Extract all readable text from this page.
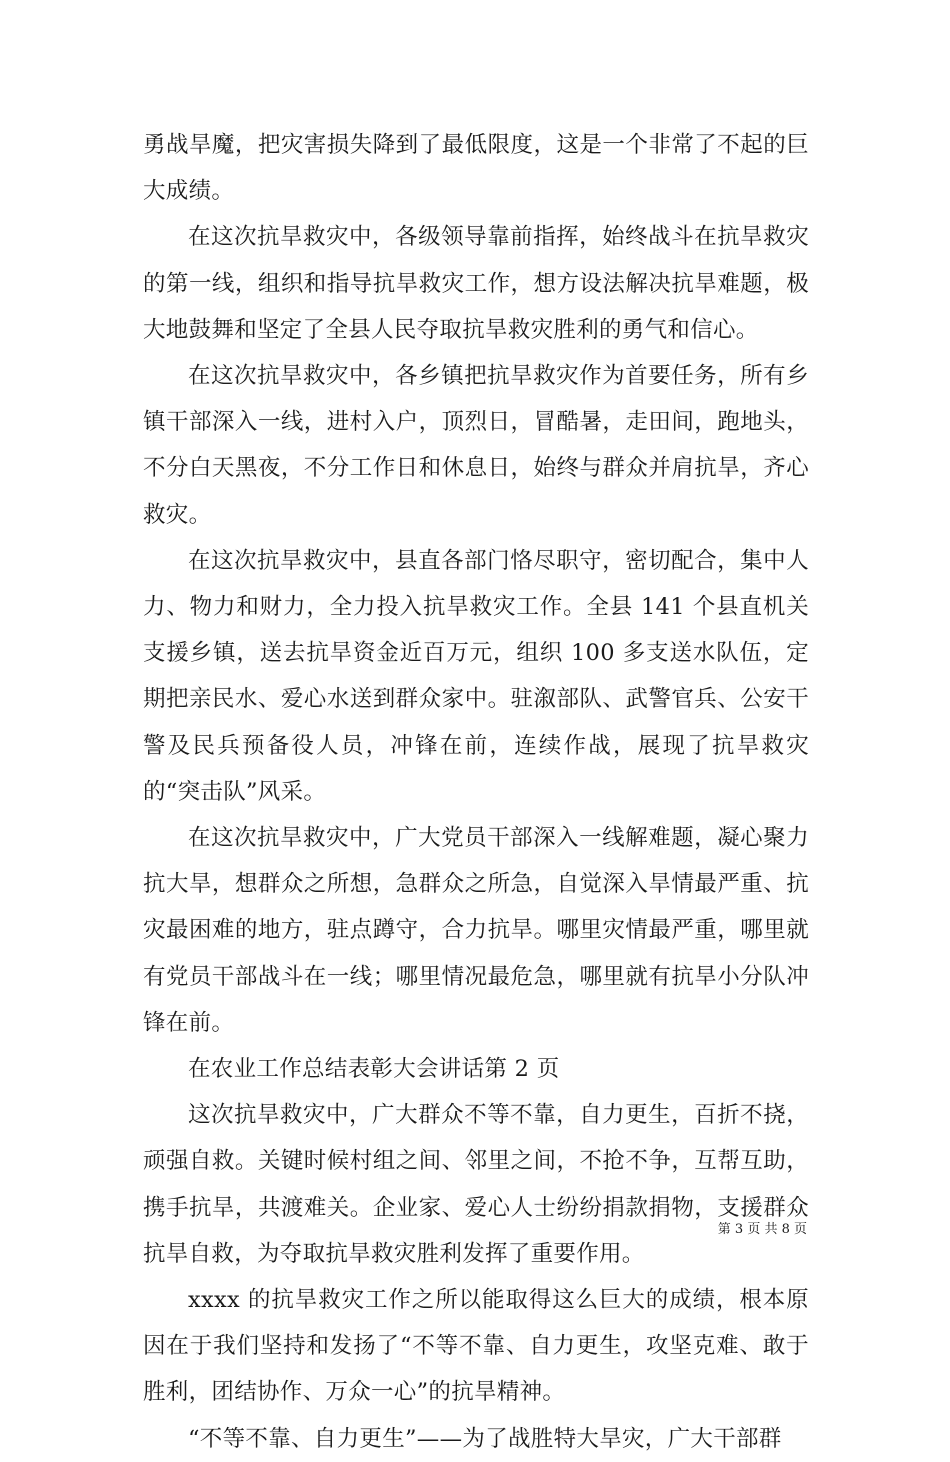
勇战旱魔，把灾害损失降到了最低限度，这是一个非常了不起的巨大成绩。

在这次抗旱救灾中，各级领导靠前指挥，始终战斗在抗旱救灾的第一线，组织和指导抗旱救灾工作，想方设法解决抗旱难题，极大地鼓舞和坚定了全县人民夺取抗旱救灾胜利的勇气和信心。

在这次抗旱救灾中，各乡镇把抗旱救灾作为首要任务，所有乡镇干部深入一线，进村入户，顶烈日，冒酷暑，走田间，跑地头，不分白天黑夜，不分工作日和休息日，始终与群众并肩抗旱，齐心救灾。

在这次抗旱救灾中，县直各部门恪尽职守，密切配合，集中人力、物力和财力，全力投入抗旱救灾工作。全县 141 个县直机关支援乡镇，送去抗旱资金近百万元，组织 100 多支送水队伍，定期把亲民水、爱心水送到群众家中。驻溆部队、武警官兵、公安干警及民兵预备役人员，冲锋在前，连续作战，展现了抗旱救灾的“突击队”风采。

在这次抗旱救灾中，广大党员干部深入一线解难题，凝心聚力抗大旱，想群众之所想，急群众之所急，自觉深入旱情最严重、抗灾最困难的地方，驻点蹲守，合力抗旱。哪里灾情最严重，哪里就有党员干部战斗在一线；哪里情况最危急，哪里就有抗旱小分队冲锋在前。

在农业工作总结表彰大会讲话第 2 页

这次抗旱救灾中，广大群众不等不靠，自力更生，百折不挠，顽强自救。关键时候村组之间、邻里之间，不抢不争，互帮互助，携手抗旱，共渡难关。企业家、爱心人士纷纷捐款捐物，支援群众抗旱自救，为夺取抗旱救灾胜利发挥了重要作用。

xxxx 的抗旱救灾工作之所以能取得这么巨大的成绩，根本原因在于我们坚持和发扬了“不等不靠、自力更生，攻坚克难、敢于胜利，团结协作、万众一心”的抗旱精神。

“不等不靠、自力更生”——为了战胜特大旱灾，广大干部群

第 3 页 共 8 页
